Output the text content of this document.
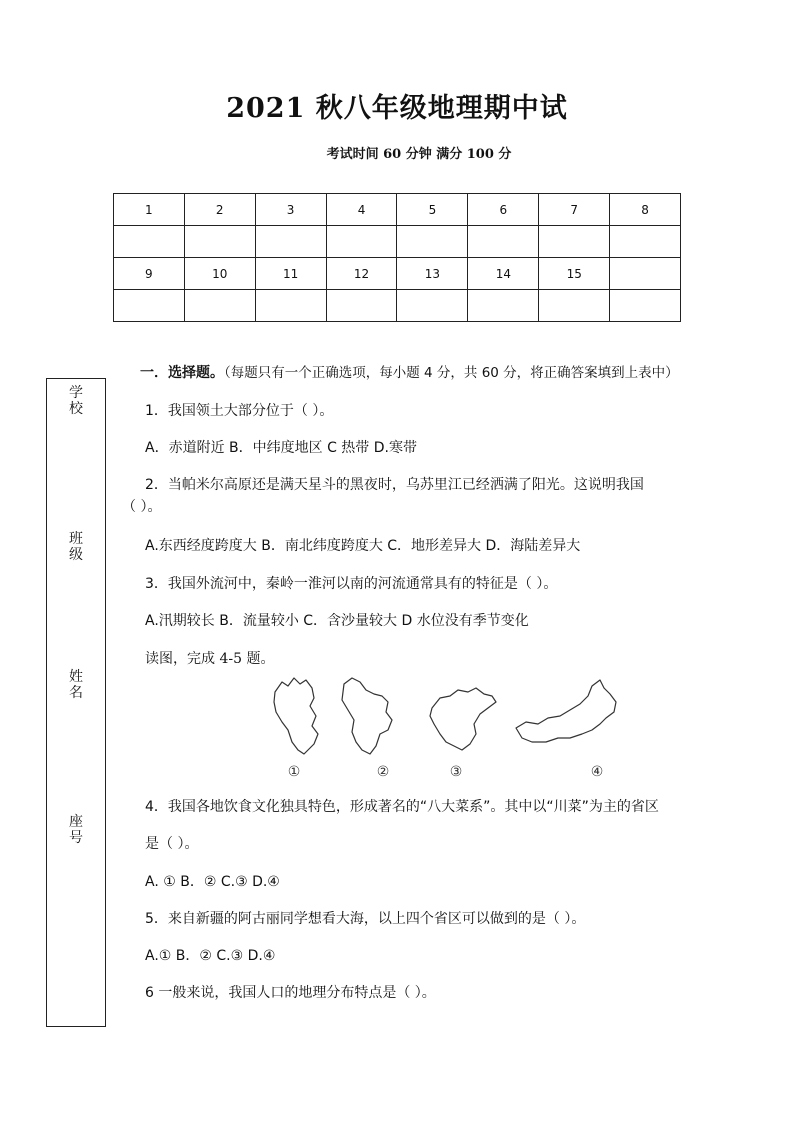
2021 秋八年级地理期中试
考试时间 60 分钟 满分 100 分
1	2	3	4	5	6	7	8

9	10	11	12	13	14	15	

学
校
班
级
姓
名
座
号
一．选择题。（每题只有一个正确选项，每小题 4 分，共 60 分，将正确答案填到上表中）
1．我国领土大部分位于（ ）。
A．赤道附近 B．中纬度地区 C 热带 D.寒带
2．当帕米尔高原还是满天星斗的黑夜时，乌苏里江已经洒满了阳光。这说明我国
（ ）。
A.东西经度跨度大 B．南北纬度跨度大 C．地形差异大 D．海陆差异大
3．我国外流河中，秦岭一淮河以南的河流通常具有的特征是（ ）。
A.汛期较长 B．流量较小 C．含沙量较大 D 水位没有季节变化
读图，完成 4-5 题。
①	②	③	④
4．我国各地饮食文化独具特色，形成著名的“八大菜系”。其中以“川菜”为主的省区
是（ ）。
A. ① B．② C.③ D.④
5．来自新疆的阿古丽同学想看大海，以上四个省区可以做到的是（ ）。
A.① B．② C.③ D.④
6 一般来说，我国人口的地理分布特点是（ ）。
